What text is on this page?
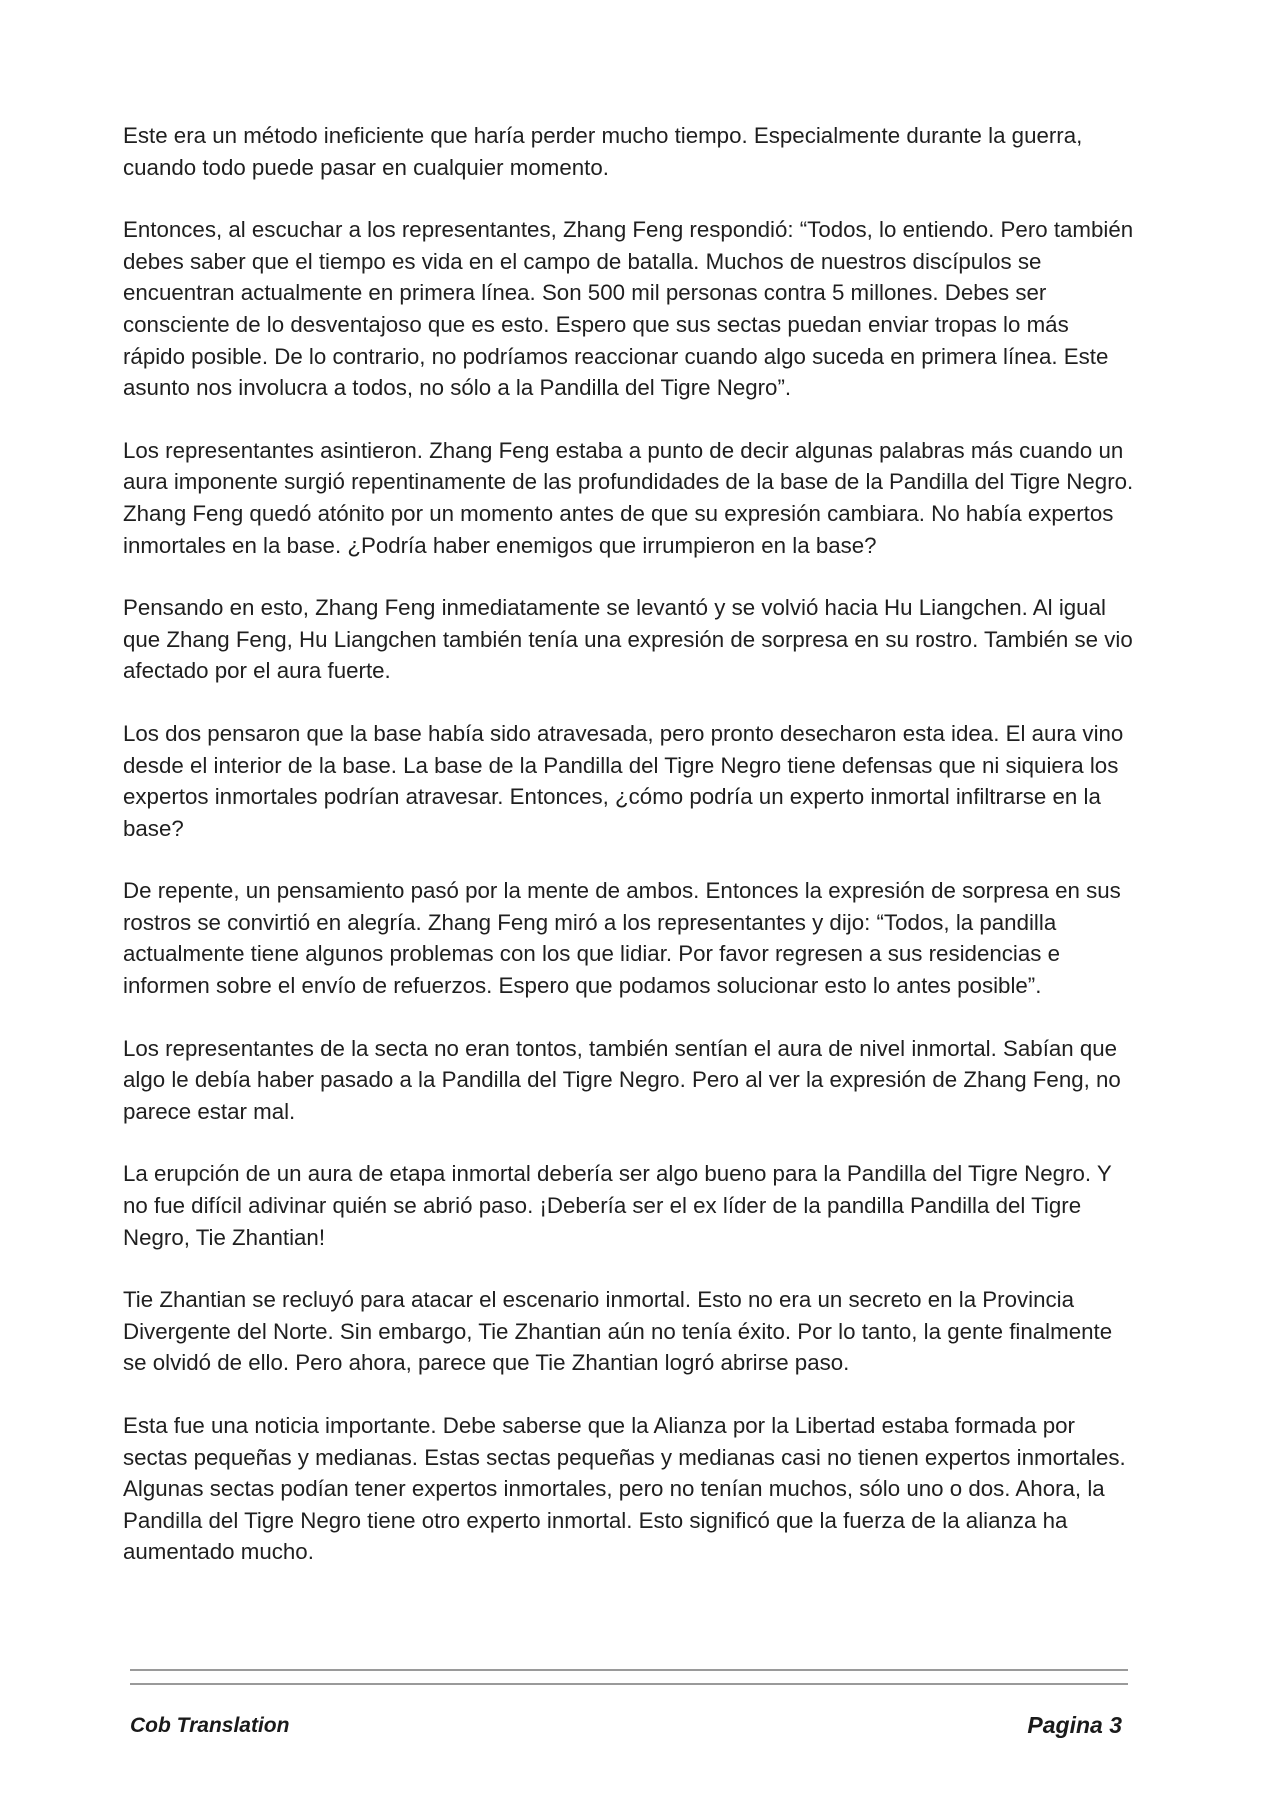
Este era un método ineficiente que haría perder mucho tiempo. Especialmente durante la guerra, cuando todo puede pasar en cualquier momento.

Entonces, al escuchar a los representantes, Zhang Feng respondió: “Todos, lo entiendo. Pero también debes saber que el tiempo es vida en el campo de batalla. Muchos de nuestros discípulos se encuentran actualmente en primera línea. Son 500 mil personas contra 5 millones. Debes ser consciente de lo desventajoso que es esto. Espero que sus sectas puedan enviar tropas lo más rápido posible. De lo contrario, no podríamos reaccionar cuando algo suceda en primera línea. Este asunto nos involucra a todos, no sólo a la Pandilla del Tigre Negro”.

Los representantes asintieron. Zhang Feng estaba a punto de decir algunas palabras más cuando un aura imponente surgió repentinamente de las profundidades de la base de la Pandilla del Tigre Negro. Zhang Feng quedó atónito por un momento antes de que su expresión cambiara. No había expertos inmortales en la base. ¿Podría haber enemigos que irrumpieron en la base?

Pensando en esto, Zhang Feng inmediatamente se levantó y se volvió hacia Hu Liangchen. Al igual que Zhang Feng, Hu Liangchen también tenía una expresión de sorpresa en su rostro. También se vio afectado por el aura fuerte.

Los dos pensaron que la base había sido atravesada, pero pronto desecharon esta idea. El aura vino desde el interior de la base. La base de la Pandilla del Tigre Negro tiene defensas que ni siquiera los expertos inmortales podrían atravesar. Entonces, ¿cómo podría un experto inmortal infiltrarse en la base?

De repente, un pensamiento pasó por la mente de ambos. Entonces la expresión de sorpresa en sus rostros se convirtió en alegría. Zhang Feng miró a los representantes y dijo: “Todos, la pandilla actualmente tiene algunos problemas con los que lidiar. Por favor regresen a sus residencias e informen sobre el envío de refuerzos. Espero que podamos solucionar esto lo antes posible”.

Los representantes de la secta no eran tontos, también sentían el aura de nivel inmortal. Sabían que algo le debía haber pasado a la Pandilla del Tigre Negro. Pero al ver la expresión de Zhang Feng, no parece estar mal.

La erupción de un aura de etapa inmortal debería ser algo bueno para la Pandilla del Tigre Negro. Y no fue difícil adivinar quién se abrió paso. ¡Debería ser el ex líder de la pandilla Pandilla del Tigre Negro, Tie Zhantian!

Tie Zhantian se recluyó para atacar el escenario inmortal. Esto no era un secreto en la Provincia Divergente del Norte. Sin embargo, Tie Zhantian aún no tenía éxito. Por lo tanto, la gente finalmente se olvidó de ello. Pero ahora, parece que Tie Zhantian logró abrirse paso.

Esta fue una noticia importante. Debe saberse que la Alianza por la Libertad estaba formada por sectas pequeñas y medianas. Estas sectas pequeñas y medianas casi no tienen expertos inmortales. Algunas sectas podían tener expertos inmortales, pero no tenían muchos, sólo uno o dos. Ahora, la Pandilla del Tigre Negro tiene otro experto inmortal. Esto significó que la fuerza de la alianza ha aumentado mucho.

Cob Translation	Pagina 3
